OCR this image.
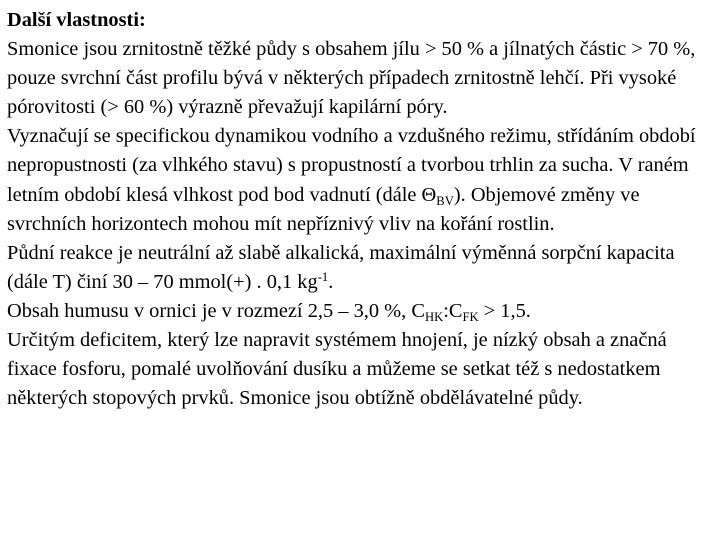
Další vlastnosti:

Smonice jsou zrnitostně těžké půdy s obsahem jílu > 50 % a jílnatých částic > 70 %, pouze svrchní část profilu bývá v některých případech zrnitostně lehčí. Při vysoké pórovitosti (> 60 %) výrazně převažují kapilární póry.

Vyznačují se specifickou dynamikou vodního a vzdušného režimu, střídáním období nepropustnosti (za vlhkého stavu) s propustností a tvorbou trhlin za sucha. V raném letním období klesá vlhkost pod bod vadnutí (dále $\Theta_{BV}$). Objemové změny ve svrchních horizontech mohou mít nepříznivý vliv na kořání rostlin.

Půdní reakce je neutrální až slabě alkalická, maximální výměnná sorpční kapacita (dále T) činí 30 – 70 mmol(+) . 0,1 $kg^{-1}$.

Obsah humusu v ornici je v rozmezí 2,5 – 3,0 %, $C_{HK}:C_{FK} > 1,5$.

Určitým deficitem, který lze napravit systémem hnojení, je nízký obsah a značná fixace fosforu, pomalé uvolňování dusíku a můžeme se setkat též s nedostatkem některých stopových prvků. Smonice jsou obtížně obdělávatelné půdy.
